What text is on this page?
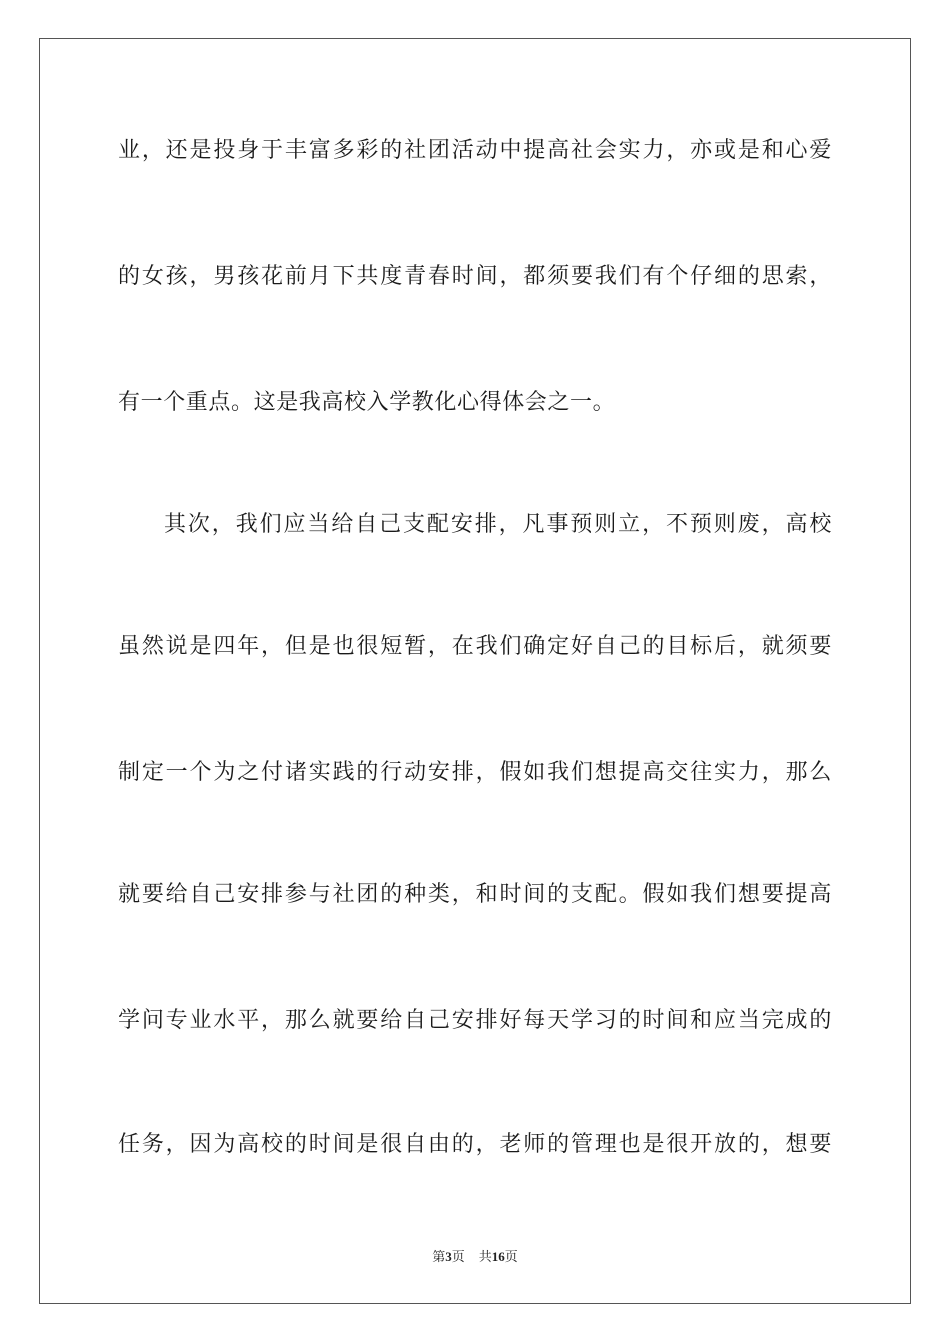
业，还是投身于丰富多彩的社团活动中提高社会实力，亦或是和心爱
的女孩，男孩花前月下共度青春时间，都须要我们有个仔细的思索，
有一个重点。这是我高校入学教化心得体会之一。
其次，我们应当给自己支配安排，凡事预则立，不预则废，高校
虽然说是四年，但是也很短暂，在我们确定好自己的目标后，就须要
制定一个为之付诸实践的行动安排，假如我们想提高交往实力，那么
就要给自己安排参与社团的种类，和时间的支配。假如我们想要提高
学问专业水平，那么就要给自己安排好每天学习的时间和应当完成的
任务，因为高校的时间是很自由的，老师的管理也是很开放的，想要
第3页 共16页
